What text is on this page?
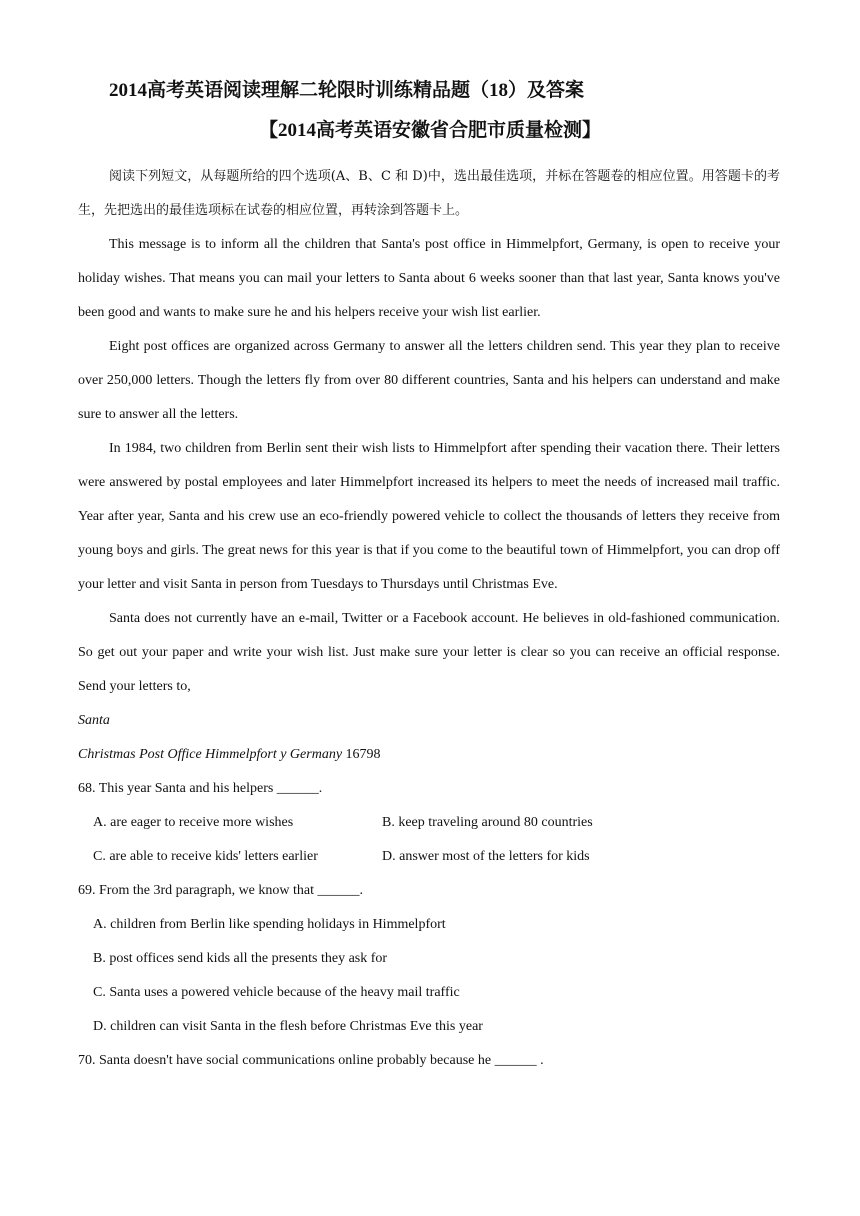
2014高考英语阅读理解二轮限时训练精品题（18）及答案
【2014高考英语安徽省合肥市质量检测】

阅读下列短文，从每题所给的四个选项(A、B、C 和 D)中，选出最佳选项，并标在答题卷的相应位置。用答题卡的考生，先把选出的最佳选项标在试卷的相应位置，再转涂到答题卡上。

This message is to inform all the children that Santa's post office in Himmelpfort, Germany, is open to receive your holiday wishes. That means you can mail your letters to Santa about 6 weeks sooner than that last year, Santa knows you've been good and wants to make sure he and his helpers receive your wish list earlier.

Eight post offices are organized across Germany to answer all the letters children send. This year they plan to receive over 250,000 letters. Though the letters fly from over 80 different countries, Santa and his helpers can understand and make sure to answer all the letters.

In 1984, two children from Berlin sent their wish lists to Himmelpfort after spending their vacation there. Their letters were answered by postal employees and later Himmelpfort increased its helpers to meet the needs of increased mail traffic. Year after year, Santa and his crew use an eco-friendly powered vehicle to collect the thousands of letters they receive from young boys and girls. The great news for this year is that if you come to the beautiful town of Himmelpfort, you can drop off your letter and visit Santa in person from Tuesdays to Thursdays until Christmas Eve.

Santa does not currently have an e-mail, Twitter or a Facebook account. He believes in old-fashioned communication. So get out your paper and write your wish list. Just make sure your letter is clear so you can receive an official response. Send your letters to,

Santa

Christmas Post Office Himmelpfort y Germany 16798

68. This year Santa and his helpers ______.

A. are eager to receive more wishes	B. keep traveling around 80 countries
C. are able to receive kids' letters earlier	D. answer most of the letters for kids

69. From the 3rd paragraph, we know that ______.

A. children from Berlin like spending holidays in Himmelpfort

B. post offices send kids all the presents they ask for

C. Santa uses a powered vehicle because of the heavy mail traffic

D. children can visit Santa in the flesh before Christmas Eve this year

70. Santa doesn't have social communications online probably because he ______ .
